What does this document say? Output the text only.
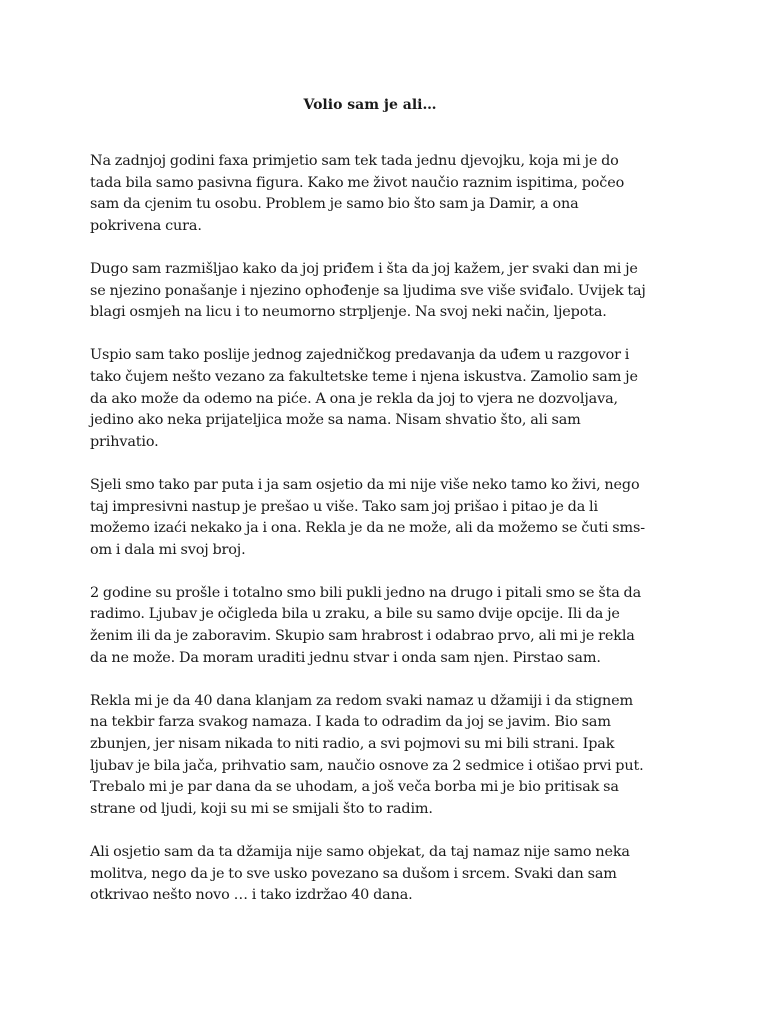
Volio sam je ali…
Na zadnjoj godini faxa primjetio sam tek tada jednu djevojku, koja mi je do
tada bila samo pasivna figura. Kako me život naučio raznim ispitima, počeo
sam da cjenim tu osobu. Problem je samo bio što sam ja Damir, a ona
pokrivena cura.
Dugo sam razmišljao kako da joj priđem i šta da joj kažem, jer svaki dan mi je
se njezino ponašanje i njezino ophođenje sa ljudima sve više sviđalo. Uvijek taj
blagi osmjeh na licu i to neumorno strpljenje. Na svoj neki način, ljepota.
Uspio sam tako poslije jednog zajedničkog predavanja da uđem u razgovor i
tako čujem nešto vezano za fakultetske teme i njena iskustva. Zamolio sam je
da ako može da odemo na piće. A ona je rekla da joj to vjera ne dozvoljava,
jedino ako neka prijateljica može sa nama. Nisam shvatio što, ali sam
prihvatio.
Sjeli smo tako par puta i ja sam osjetio da mi nije više neko tamo ko živi, nego
taj impresivni nastup je prešao u više. Tako sam joj prišao i pitao je da li
možemo izaći nekako ja i ona. Rekla je da ne može, ali da možemo se čuti sms-
om i dala mi svoj broj.
2 godine su prošle i totalno smo bili pukli jedno na drugo i pitali smo se šta da
radimo. Ljubav je očigleda bila u zraku, a bile su samo dvije opcije. Ili da je
ženim ili da je zaboravim. Skupio sam hrabrost i odabrao prvo, ali mi je rekla
da ne može. Da moram uraditi jednu stvar i onda sam njen. Pirstao sam.
Rekla mi je da 40 dana klanjam za redom svaki namaz u džamiji i da stignem
na tekbir farza svakog namaza. I kada to odradim da joj se javim. Bio sam
zbunjen, jer nisam nikada to niti radio, a svi pojmovi su mi bili strani. Ipak
ljubav je bila jača, prihvatio sam, naučio osnove za 2 sedmice i otišao prvi put.
Trebalo mi je par dana da se uhodam, a još veča borba mi je bio pritisak sa
strane od ljudi, koji su mi se smijali što to radim.
Ali osjetio sam da ta džamija nije samo objekat, da taj namaz nije samo neka
molitva, nego da je to sve usko povezano sa dušom i srcem. Svaki dan sam
otkrivao nešto novo … i tako izdržao 40 dana.
